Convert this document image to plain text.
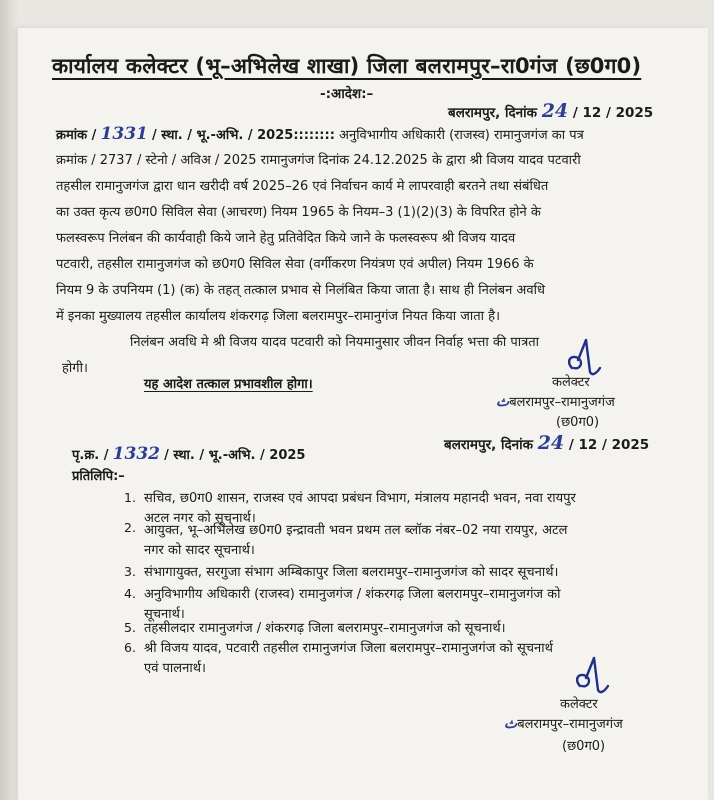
कार्यालय कलेक्टर (भू–अभिलेख शाखा) जिला बलरामपुर–रा0गंज (छ0ग0)
-:आदेश:–
बलरामपुर, दिनांक 24 / 12 / 2025
क्रमांक / 1331 / स्था. / भू.-अभि. / 2025:::::::: अनुविभागीय अधिकारी (राजस्व) रामानुजगंज का पत्र
क्रमांक / 2737 / स्टेनो / अविअ / 2025 रामानुजगंज दिनांक 24.12.2025 के द्वारा श्री विजय यादव पटवारी
तहसील रामानुजगंज द्वारा धान खरीदी वर्ष 2025–26 एवं निर्वाचन कार्य मे लापरवाही बरतने तथा संबंधित
का उक्त कृत्य छ0ग0 सिविल सेवा (आचरण) नियम 1965 के नियम–3 (1)(2)(3) के विपरित होने के
फलस्वरूप निलंबन की कार्यवाही किये जाने हेतु प्रतिवेदित किये जाने के फलस्वरूप श्री विजय यादव
पटवारी, तहसील रामानुजगंज को छ0ग0 सिविल सेवा (वर्गीकरण नियंत्रण एवं अपील) नियम 1966 के
नियम 9 के उपनियम (1) (क) के तहत् तत्काल प्रभाव से निलंबित किया जाता है। साथ ही निलंबन अवधि
में इनका मुख्यालय तहसील कार्यालय शंकरगढ़ जिला बलरामपुर–रामानुगंज नियत किया जाता है।
निलंबन अवधि मे श्री विजय यादव पटवारी को नियमानुसार जीवन निर्वाह भत्ता की पात्रता
होगी।
यह आदेश तत्काल प्रभावशील होगा।	कलेक्टर
ﺙबलरामपुर–रामानुजगंज
(छ0ग0)
पृ.क्र. / 1332 / स्था. / भू.-अभि. / 2025
बलरामपुर, दिनांक 24 / 12 / 2025
प्रतिलिपि:–
1. सचिव, छ0ग0 शासन, राजस्व एवं आपदा प्रबंधन विभाग, मंत्रालय महानदी भवन, नवा रायपुर
अटल नगर को सूचनार्थ।
2. आयुक्त, भू–अभिलेख छ0ग0 इन्द्रावती भवन प्रथम तल ब्लॉक नंबर–02 नया रायपुर, अटल
नगर को सादर सूचनार्थ।
3. संभागायुक्त, सरगुजा संभाग अम्बिकापुर जिला बलरामपुर–रामानुजगंज को सादर सूचनार्थ।
4. अनुविभागीय अधिकारी (राजस्व) रामानुजगंज / शंकरगढ़ जिला बलरामपुर–रामानुजगंज को
सूचनार्थ।
5. तहसीलदार रामानुजगंज / शंकरगढ़ जिला बलरामपुर–रामानुजगंज को सूचनार्थ।
6. श्री विजय यादव, पटवारी तहसील रामानुजगंज जिला बलरामपुर–रामानुजगंज को सूचनार्थ
एवं पालनार्थ।
कलेक्टर
ﺙबलरामपुर–रामानुजगंज
(छ0ग0)
